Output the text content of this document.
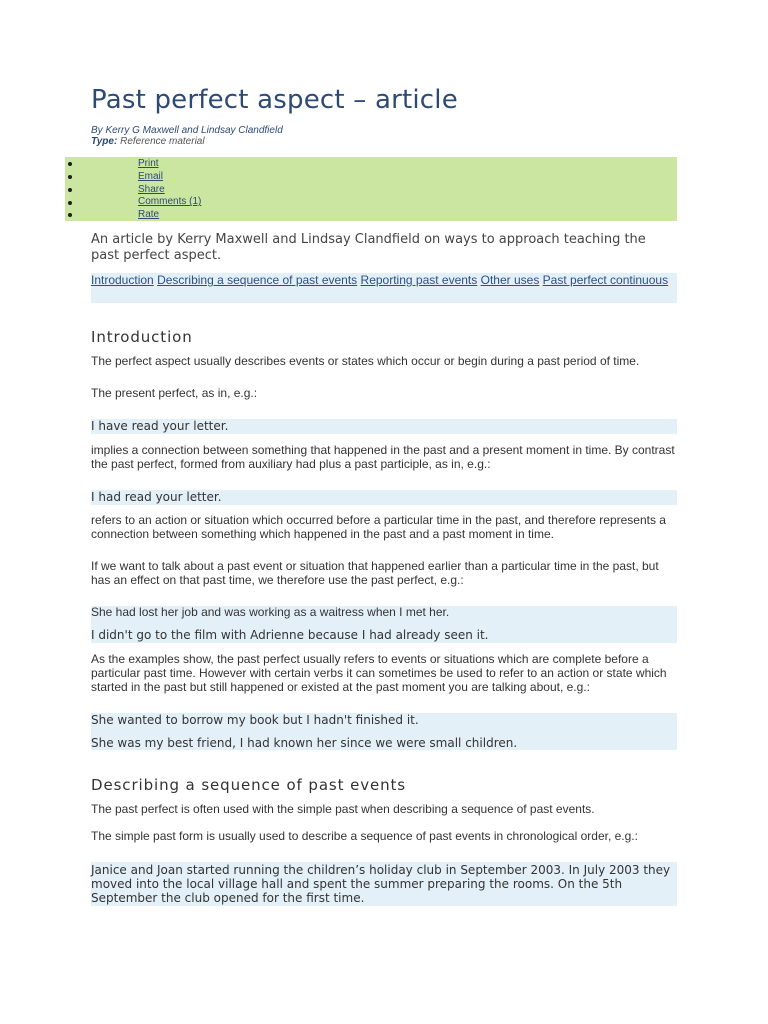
Past perfect aspect – article
By Kerry G Maxwell and Lindsay Clandfield
Type: Reference material
Print
Email
Share
Comments (1)
Rate

An article by Kerry Maxwell and Lindsay Clandfield on ways to approach teaching the past perfect aspect.

Introduction Describing a sequence of past events Reporting past events Other uses Past perfect continuous
Introduction

The perfect aspect usually describes events or states which occur or begin during a past period of time.

The present perfect, as in, e.g.:

I have read your letter.

implies a connection between something that happened in the past and a present moment in time. By contrast the past perfect, formed from auxiliary had plus a past participle, as in, e.g.:

I had read your letter.

refers to an action or situation which occurred before a particular time in the past, and therefore represents a connection between something which happened in the past and a past moment in time.

If we want to talk about a past event or situation that happened earlier than a particular time in the past, but has an effect on that past time, we therefore use the past perfect, e.g.:

She had lost her job and was working as a waitress when I met her.
I didn't go to the film with Adrienne because I had already seen it.

As the examples show, the past perfect usually refers to events or situations which are complete before a particular past time. However with certain verbs it can sometimes be used to refer to an action or state which started in the past but still happened or existed at the past moment you are talking about, e.g.:

She wanted to borrow my book but I hadn't finished it.
She was my best friend, I had known her since we were small children.
Describing a sequence of past events

The past perfect is often used with the simple past when describing a sequence of past events.

The simple past form is usually used to describe a sequence of past events in chronological order, e.g.:

Janice and Joan started running the children’s holiday club in September 2003. In July 2003 they moved into the local village hall and spent the summer preparing the rooms. On the 5th September the club opened for the first time.
